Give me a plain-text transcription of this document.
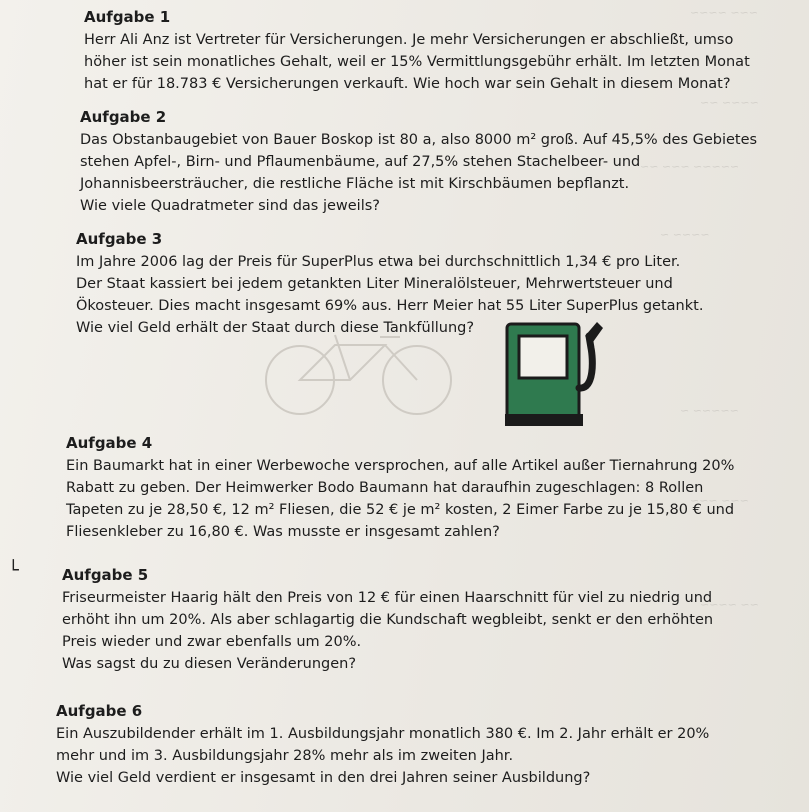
~~~ ~~~~
~~~~ ~~
~~~~~ ~~~ ~~
~~~~ ~
~~~~~ ~
~~~ ~~~
~~ ~~~~
Aufgabe 1
Herr Ali Anz ist Vertreter für Versicherungen. Je mehr Versicherungen er abschließt, umso
höher ist sein monatliches Gehalt, weil er 15% Vermittlungsgebühr erhält. Im letzten Monat
hat er für 18.783 € Versicherungen verkauft. Wie hoch war sein Gehalt in diesem Monat?
Aufgabe 2
Das Obstanbaugebiet von Bauer Boskop ist 80 a, also 8000 m² groß. Auf 45,5% des Gebietes
stehen Apfel-, Birn- und Pflaumenbäume, auf 27,5% stehen Stachelbeer- und
Johannisbeersträucher, die restliche Fläche ist mit Kirschbäumen bepflanzt.
Wie viele Quadratmeter sind das jeweils?
Aufgabe 3
Im Jahre 2006 lag der Preis für SuperPlus etwa bei durchschnittlich 1,34 € pro Liter.
Der Staat kassiert bei jedem getankten Liter Mineralölsteuer, Mehrwertsteuer und
Ökosteuer. Dies macht insgesamt 69% aus. Herr Meier hat 55 Liter SuperPlus getankt.
Wie viel Geld erhält der Staat durch diese Tankfüllung?
Aufgabe 4
Ein Baumarkt hat in einer Werbewoche versprochen, auf alle Artikel außer Tiernahrung 20%
Rabatt zu geben. Der Heimwerker Bodo Baumann hat daraufhin zugeschlagen: 8 Rollen
Tapeten zu je 28,50 €, 12 m² Fliesen, die 52 € je m² kosten, 2 Eimer Farbe zu je 15,80 € und
Fliesenkleber zu 16,80 €. Was musste er insgesamt zahlen?
└	Aufgabe 5
Friseurmeister Haarig hält den Preis von 12 € für einen Haarschnitt für viel zu niedrig und
erhöht ihn um 20%. Als aber schlagartig die Kundschaft wegbleibt, senkt er den erhöhten
Preis wieder und zwar ebenfalls um 20%.
Was sagst du zu diesen Veränderungen?
Aufgabe 6
Ein Auszubildender erhält im 1. Ausbildungsjahr monatlich 380 €. Im 2. Jahr erhält er 20%
mehr und im 3. Ausbildungsjahr 28% mehr als im zweiten Jahr.
Wie viel Geld verdient er insgesamt in den drei Jahren seiner Ausbildung?
